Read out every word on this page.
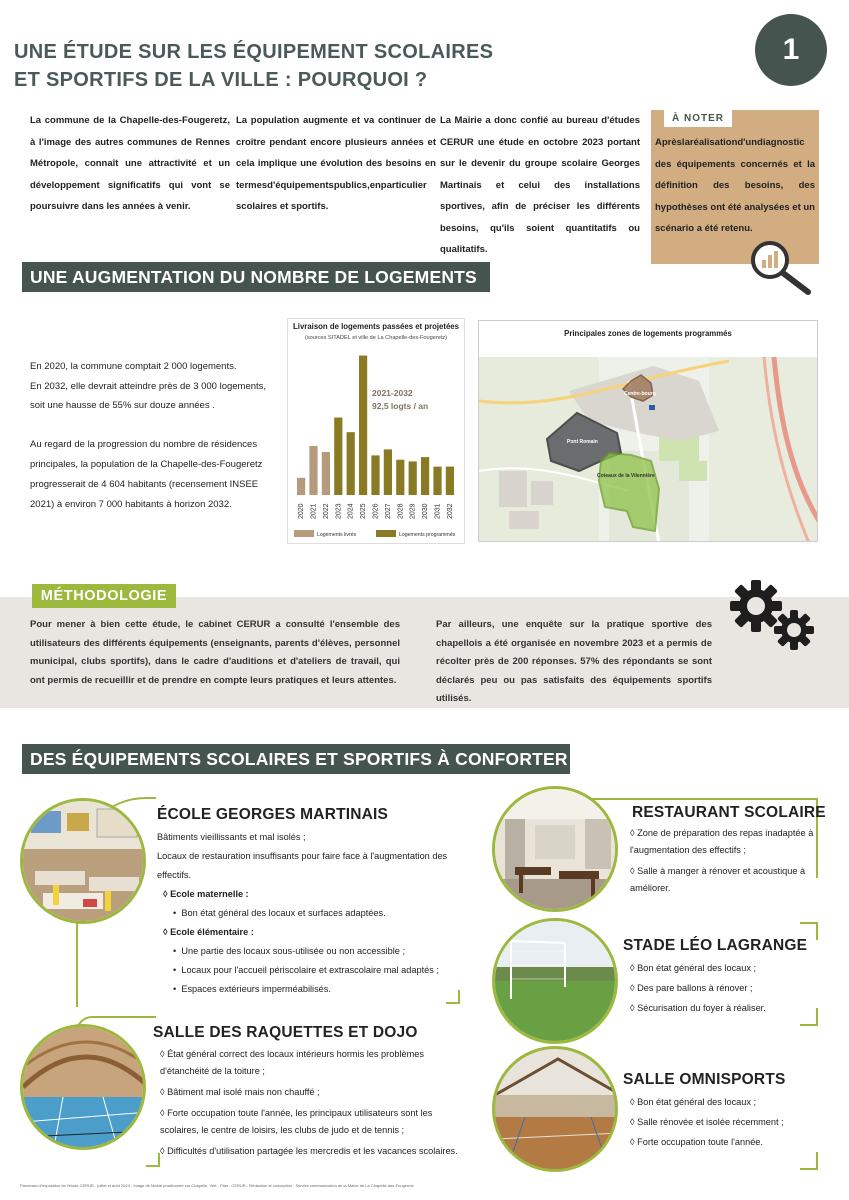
UNE ÉTUDE SUR LES ÉQUIPEMENT SCOLAIRES
ET SPORTIFS DE LA VILLE : POURQUOI ?
1
La commune de la Chapelle-des-Fougeretz, à l'image des autres communes de Rennes Métropole, connaît une attractivité et un développement significatifs qui vont se poursuivre dans les années à venir.
La population augmente et va continuer de croître pendant encore plusieurs années et cela implique une évolution des besoins en termesd'équipementspublics,enparticulier scolaires et sportifs.
La Mairie a donc confié au bureau d'études CERUR une étude en octobre 2023 portant sur le devenir du groupe scolaire Georges Martinais et celui des installations sportives, afin de préciser les différents besoins, qu'ils soient quantitatifs ou qualitatifs.
À NOTER
Aprèslaréalisationd'undiagnostic des équipements concernés et la définition des besoins, des hypothèses ont été analysées et un scénario a été retenu.
UNE AUGMENTATION DU NOMBRE DE LOGEMENTS
En 2020, la commune comptait 2 000 logements.
En 2032, elle devrait atteindre près de 3 000 logements,
soit une hausse de 55% sur douze années .
Au regard de la progression du nombre de résidences principales, la population de la Chapelle-des-Fougeretz progresserait de 4 604 habitants (recensement INSEE 2021) à environ 7 000 habitants à horizon 2032.
Livraison de logements passées et projetées
(sources SITADEL et ville de La Chapelle-des-Fougeretz)
2020 2021 2022 2023 2024 2025 2026 2027 2028 2029 2030 2031 2032
2021-2032
92,5 logts / an
Logements livrés	Logements programmés
Principales zones de logements programmés
Centre-bourg
Pont Romain
Coteaux de la Vilennière
MÉTHODOLOGIE
Pour mener à bien cette étude, le cabinet CERUR a consulté l'ensemble des utilisateurs des différents équipements (enseignants, parents d'élèves, personnel municipal, clubs sportifs), dans le cadre d'auditions et d'ateliers de travail, qui ont permis de recueillir et de prendre en compte leurs pratiques et leurs attentes.
Par ailleurs, une enquête sur la pratique sportive des chapellois a été organisée en novembre 2023 et a permis de récolter près de 200 réponses. 57% des répondants se sont déclarés peu ou pas satisfaits des équipements sportifs utilisés.
DES ÉQUIPEMENTS SCOLAIRES ET SPORTIFS À CONFORTER
ÉCOLE GEORGES MARTINAIS
Bâtiments vieillissants et mal isolés ;
Locaux de restauration insuffisants pour faire face à l'augmentation des effectifs.
◊ Ecole maternelle :
•  Bon état général des locaux et surfaces adaptées.
◊ Ecole élémentaire :
•  Une partie des locaux sous-utilisée ou non accessible ;
•  Locaux pour l'accueil périscolaire et extrascolaire mal adaptés ;
•  Espaces extérieurs imperméabilisés.
SALLE DES RAQUETTES ET DOJO
◊ État général correct des locaux intérieurs hormis les problèmes d'étanchéité de la toiture ;
◊ Bâtiment mal isolé mais non chauffé ;
◊ Forte occupation toute l'année, les principaux utilisateurs sont les scolaires, le centre de loisirs, les clubs de judo et de tennis ;
◊ Difficultés d'utilisation partagée les mercredis et les vacances scolaires.
RESTAURANT SCOLAIRE
◊ Zone de préparation des repas inadaptée à l'augmentation des effectifs ;
◊ Salle à manger à rénover et acoustique à améliorer.
STADE LÉO LAGRANGE
◊ Bon état général des locaux ;
◊ Des pare ballons à rénover ;
◊ Sécurisation du foyer à réaliser.
SALLE OMNISPORTS
◊ Bon état général des locaux ;
◊ Salle rénovée et isolée récemment ;
◊ Forte occupation toute l'année.
Panneaux d'exposition de l'étude CERUR - juillet et août 2024 - Image de Mairie positionnée sur Chapelle, Vert - Plan : CERUR - Rédaction et conception : Service communication de la Mairie de La Chapelle-des-Fougeretz
